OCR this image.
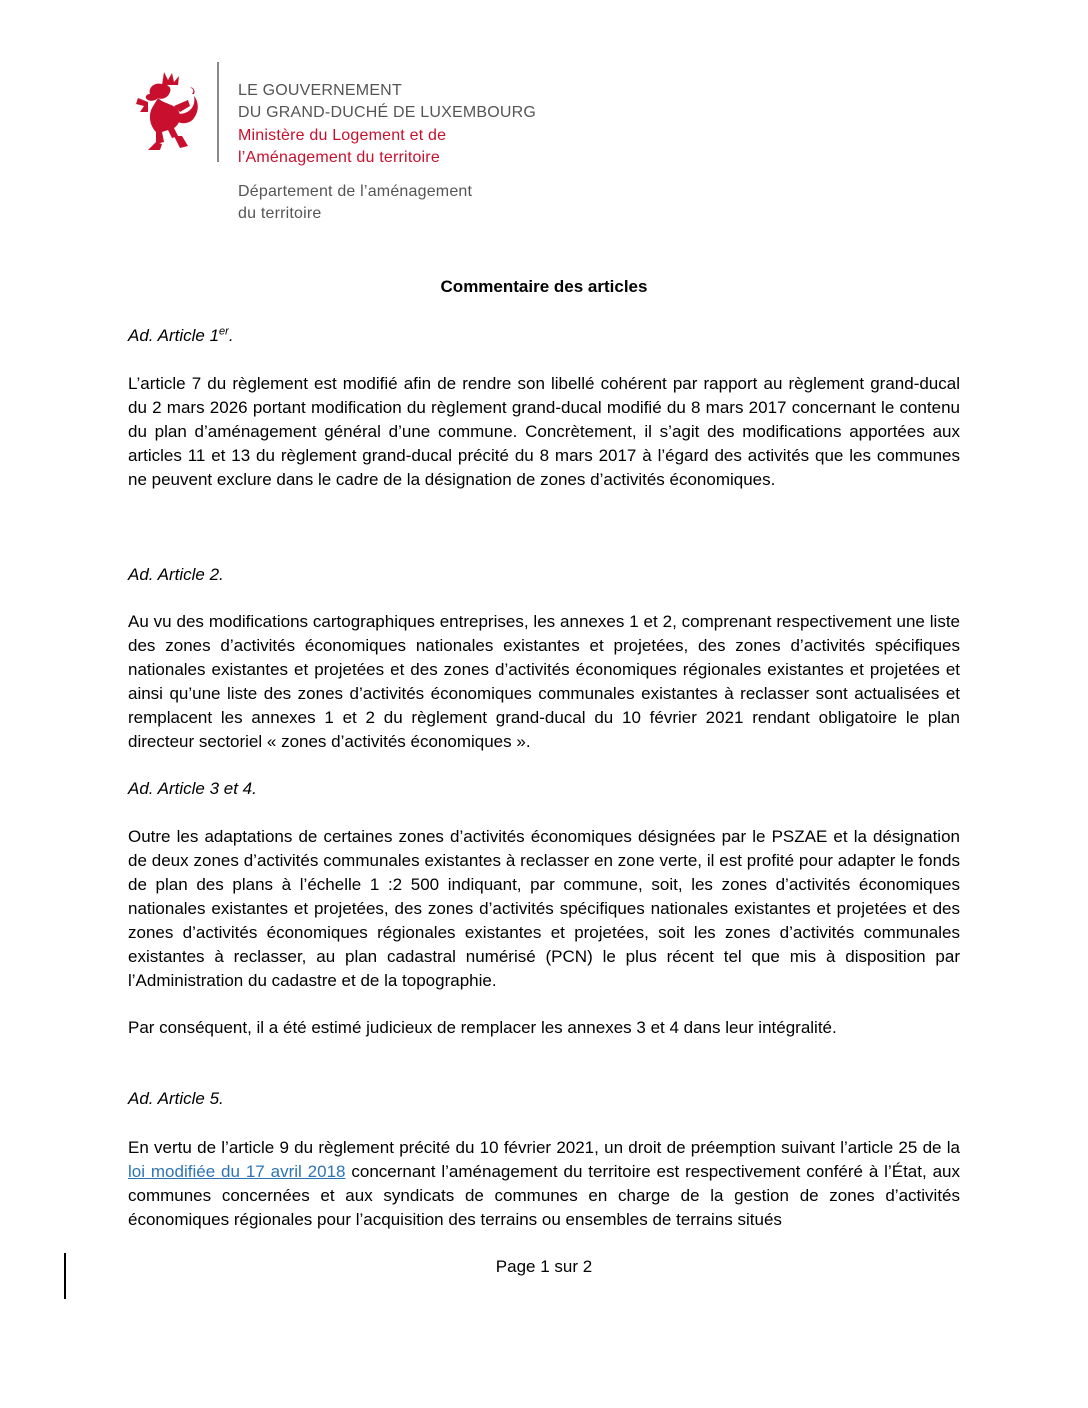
LE GOUVERNEMENT
DU GRAND-DUCHÉ DE LUXEMBOURG
Ministère du Logement et de
l’Aménagement du territoire
Département de l’aménagement
du territoire
Commentaire des articles
Ad. Article 1er.
L’article 7 du règlement est modifié afin de rendre son libellé cohérent par rapport au règlement grand-ducal du 2 mars 2026 portant modification du règlement grand-ducal modifié du 8 mars 2017 concernant le contenu du plan d’aménagement général d’une commune. Concrètement, il s’agit des modifications apportées aux articles 11 et 13 du règlement grand-ducal précité du 8 mars 2017 à l’égard des activités que les communes ne peuvent exclure dans le cadre de la désignation de zones d’activités économiques.
Ad. Article 2.
Au vu des modifications cartographiques entreprises, les annexes 1 et 2, comprenant respectivement une liste des zones d’activités économiques nationales existantes et projetées, des zones d’activités spécifiques nationales existantes et projetées et des zones d’activités économiques régionales existantes et projetées et ainsi qu’une liste des zones d’activités économiques communales existantes à reclasser sont actualisées et remplacent les annexes 1 et 2 du règlement grand-ducal du 10 février 2021 rendant obligatoire le plan directeur sectoriel « zones d’activités économiques ».
Ad. Article 3 et 4.
Outre les adaptations de certaines zones d’activités économiques désignées par le PSZAE et la désignation de deux zones d’activités communales existantes à reclasser en zone verte, il est profité pour adapter le fonds de plan des plans à l’échelle 1 :2 500 indiquant, par commune, soit, les zones d’activités économiques nationales existantes et projetées, des zones d’activités spécifiques nationales existantes et projetées et des zones d’activités économiques régionales existantes et projetées, soit les zones d’activités communales existantes à reclasser, au plan cadastral numérisé (PCN) le plus récent tel que mis à disposition par l’Administration du cadastre et de la topographie.
Par conséquent, il a été estimé judicieux de remplacer les annexes 3 et 4 dans leur intégralité.
Ad. Article 5.
En vertu de l’article 9 du règlement précité du 10 février 2021, un droit de préemption suivant l’article 25 de la loi modifiée du 17 avril 2018 concernant l’aménagement du territoire est respectivement conféré à l’État, aux communes concernées et aux syndicats de communes en charge de la gestion de zones d’activités économiques régionales pour l’acquisition des terrains ou ensembles de terrains situés
Page 1 sur 2
